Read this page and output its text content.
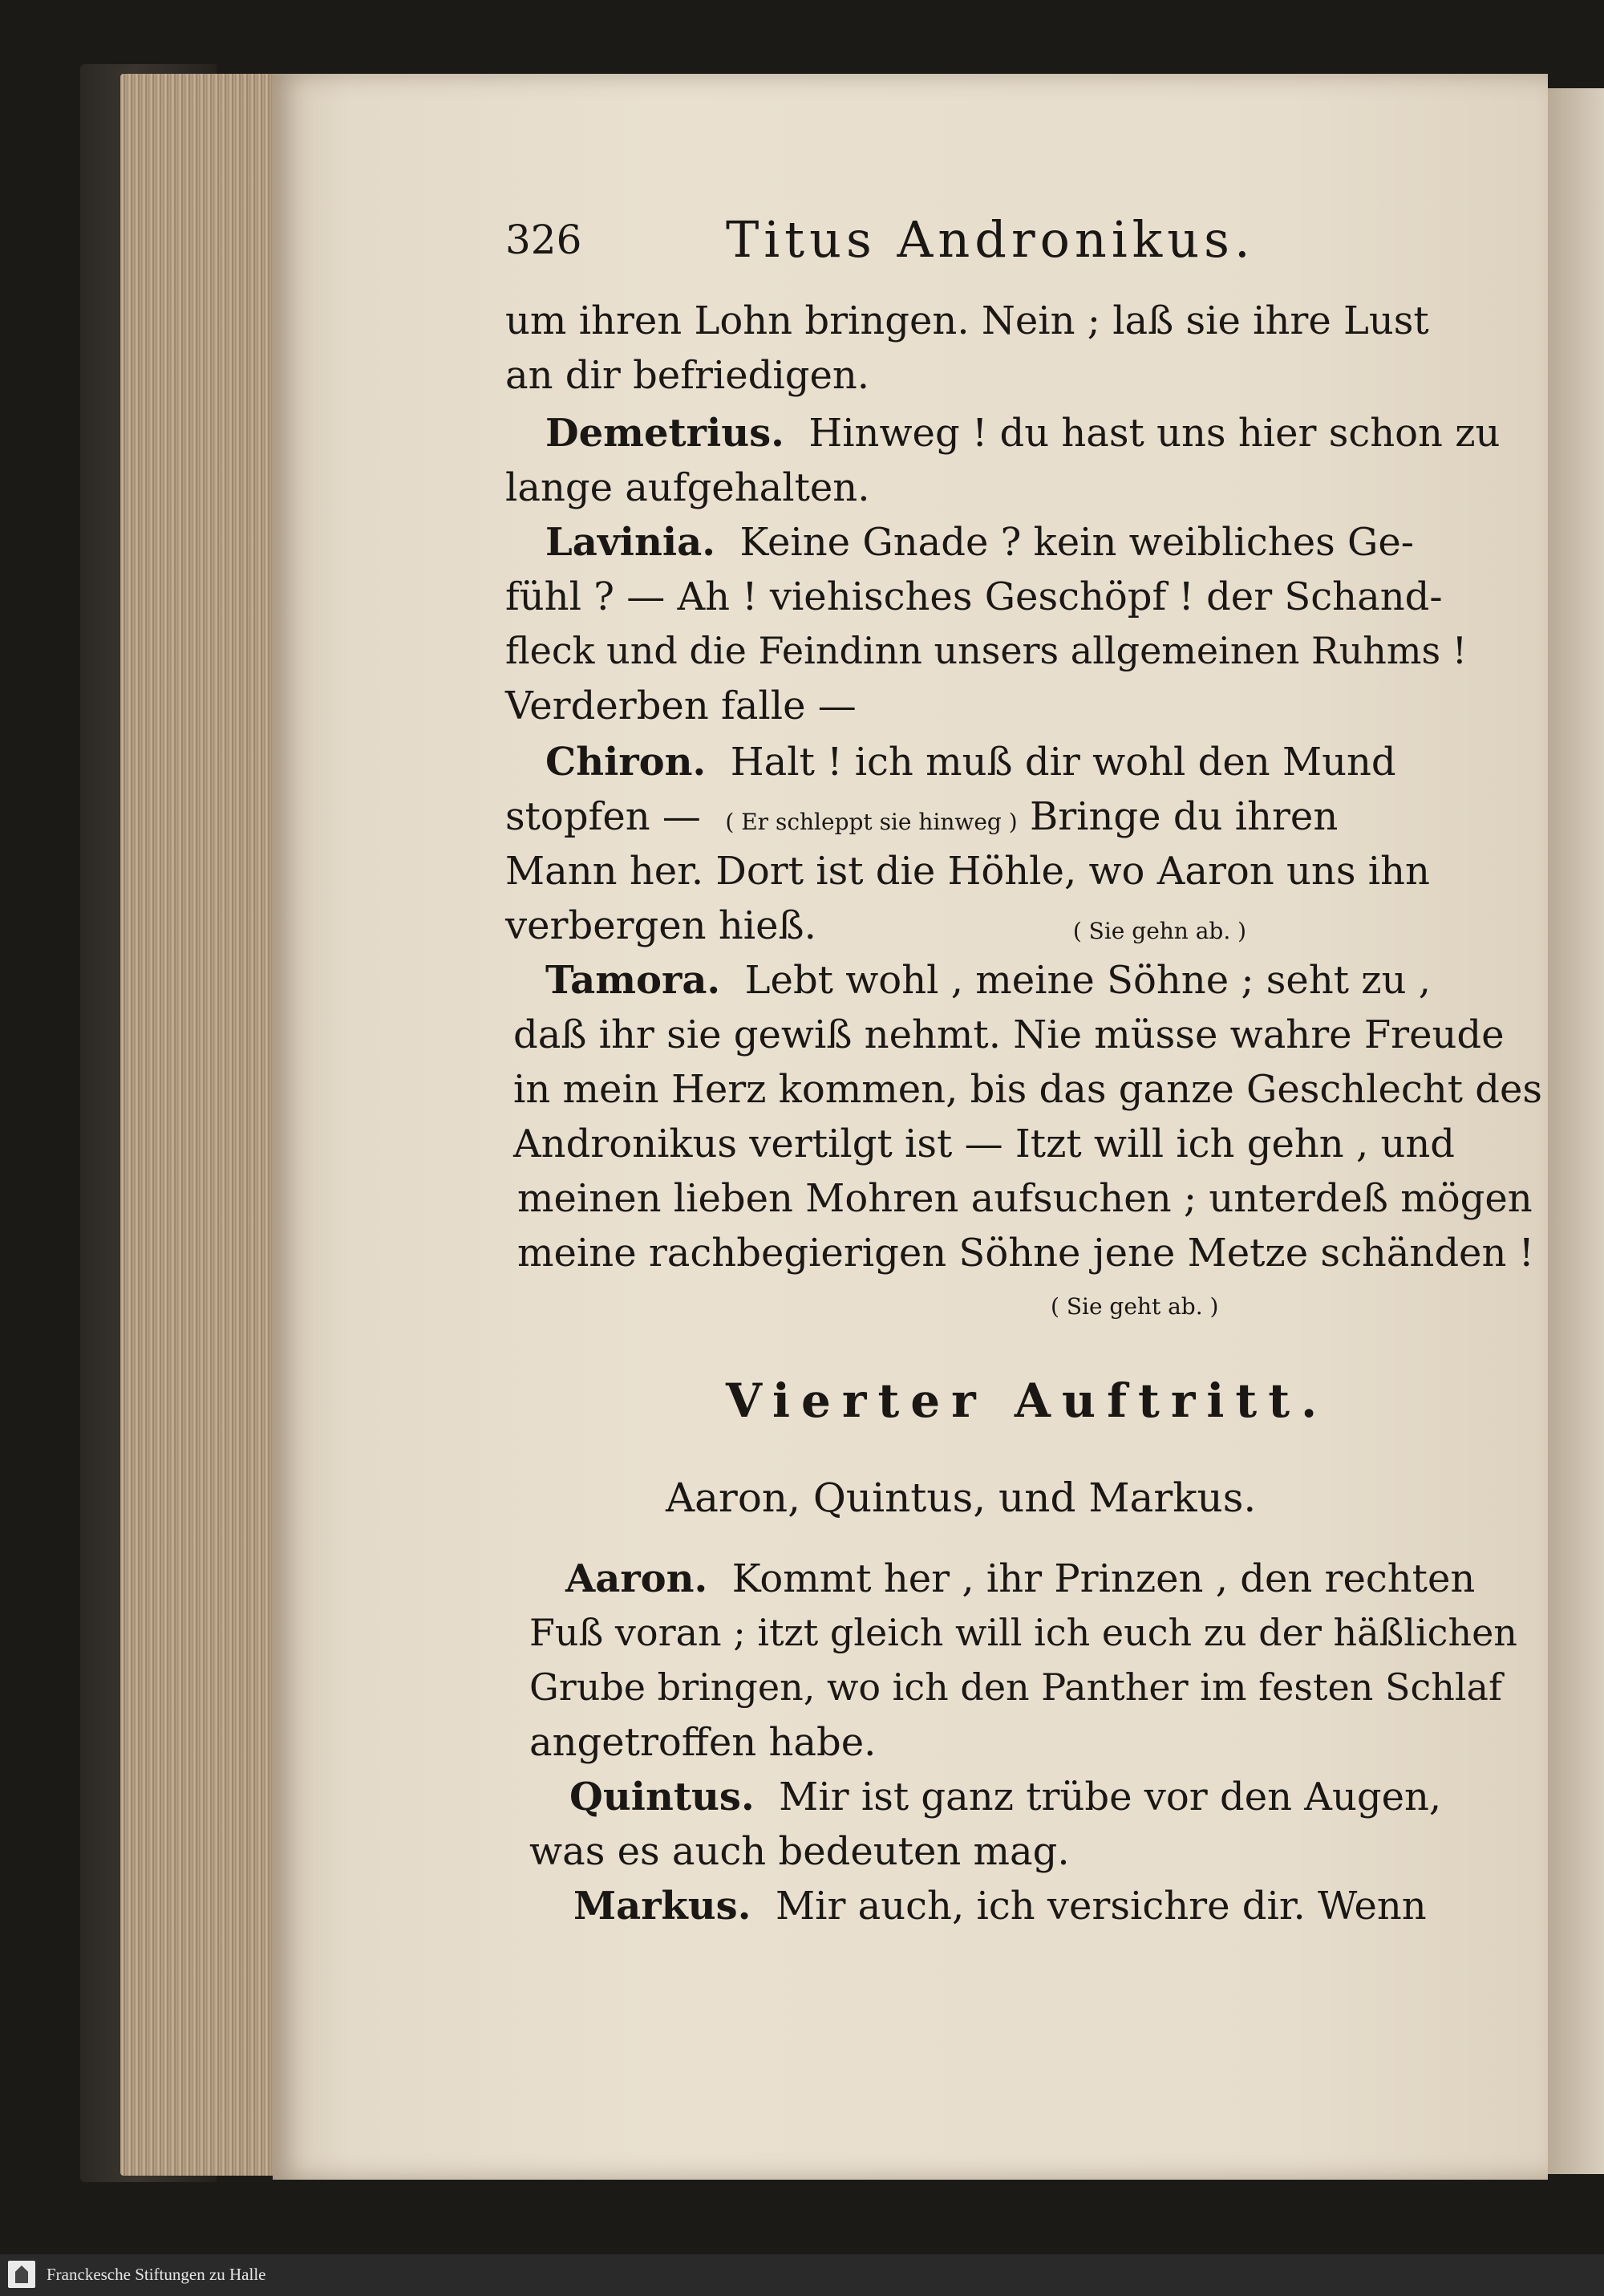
326	Titus Andronikus.
um ihren Lohn bringen. Nein ; laß sie ihre Lust
an dir befriedigen.
Demetrius. Hinweg ! du hast uns hier schon zu
lange aufgehalten.
Lavinia. Keine Gnade ? kein weibliches Ge-
fühl ? — Ah ! viehisches Geschöpf ! der Schand-
fleck und die Feindinn unsers allgemeinen Ruhms !
Verderben falle —
Chiron. Halt ! ich muß dir wohl den Mund
stopfen — ( Er schleppt sie hinweg ) Bringe du ihren
Mann her. Dort ist die Höhle, wo Aaron uns ihn
verbergen hieß.	( Sie gehn ab. )
Tamora. Lebt wohl , meine Söhne ; seht zu ,
daß ihr sie gewiß nehmt. Nie müsse wahre Freude
in mein Herz kommen, bis das ganze Geschlecht des
Andronikus vertilgt ist — Itzt will ich gehn , und
meinen lieben Mohren aufsuchen ; unterdeß mögen
meine rachbegierigen Söhne jene Metze schänden !
( Sie geht ab. )
Vierter Auftritt.
Aaron, Quintus, und Markus.
Aaron. Kommt her , ihr Prinzen , den rechten
Fuß voran ; itzt gleich will ich euch zu der häßlichen
Grube bringen, wo ich den Panther im festen Schlaf
angetroffen habe.
Quintus. Mir ist ganz trübe vor den Augen,
was es auch bedeuten mag.
Markus. Mir auch, ich versichre dir. Wenn
Franckesche Stiftungen zu Halle
